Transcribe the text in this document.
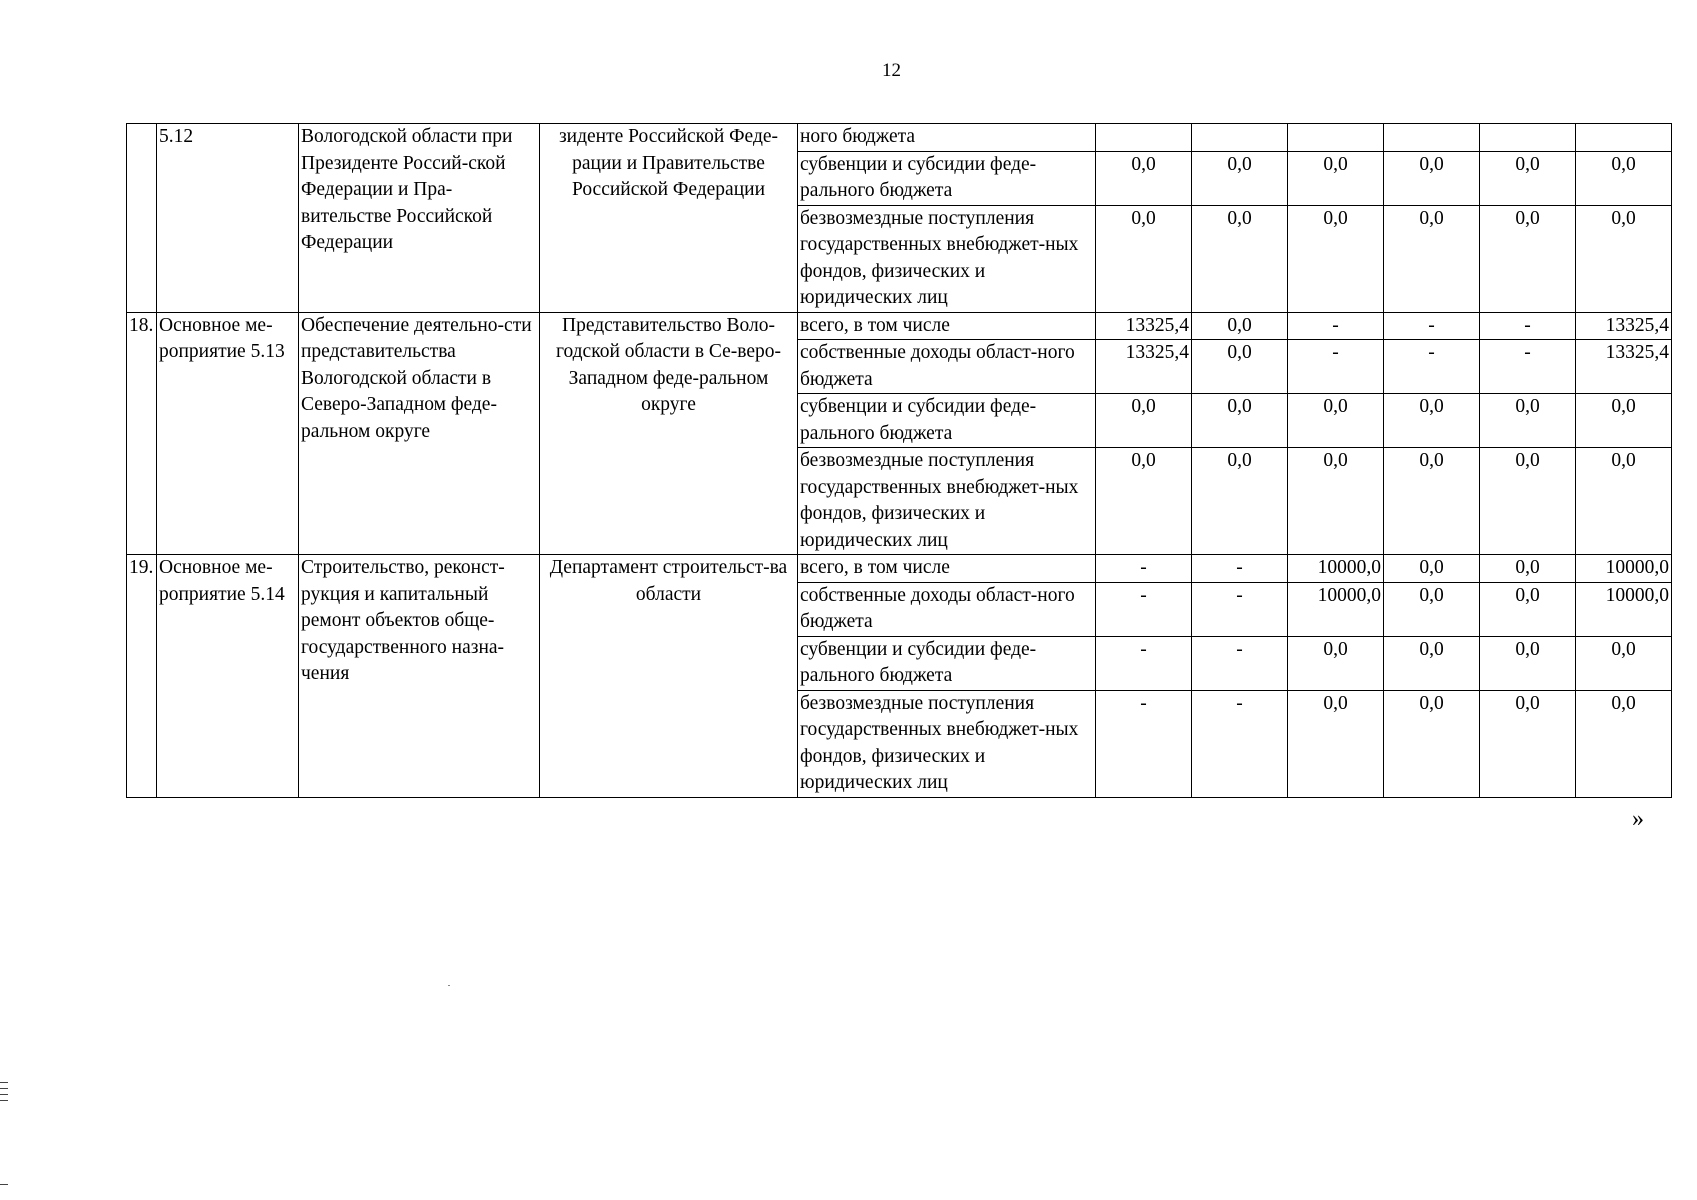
12
	5.12	Вологодской области при Президенте Россий-ской Федерации и Пра-вительстве Российской Федерации	зиденте Российской Феде-рации и Правительстве Российской Федерации	ного бюджета						
				субвенции и субсидии феде-рального бюджета	0,0	0,0	0,0	0,0	0,0	0,0
				безвозмездные поступления государственных внебюджет-ных фондов, физических и юридических лиц	0,0	0,0	0,0	0,0	0,0	0,0
18.	Основное ме-роприятие 5.13	Обеспечение деятельно-сти представительства Вологодской области в Северо-Западном феде-ральном округе	Представительство Воло-годской области в Се-веро-Западном феде-ральном округе	всего, в том числе	13325,4	0,0	-	-	-	13325,4
				собственные доходы област-ного бюджета	13325,4	0,0	-	-	-	13325,4
				субвенции и субсидии феде-рального бюджета	0,0	0,0	0,0	0,0	0,0	0,0
				безвозмездные поступления государственных внебюджет-ных фондов, физических и юридических лиц	0,0	0,0	0,0	0,0	0,0	0,0
19.	Основное ме-роприятие 5.14	Строительство, реконст-рукция и капитальный ремонт объектов обще-государственного назна-чения	Департамент строительст-ва области	всего, в том числе	-	-	10000,0	0,0	0,0	10000,0
				собственные доходы област-ного бюджета	-	-	10000,0	0,0	0,0	10000,0
				субвенции и субсидии феде-рального бюджета	-	-	0,0	0,0	0,0	0,0
				безвозмездные поступления государственных внебюджет-ных фондов, физических и юридических лиц	-	-	0,0	0,0	0,0	0,0
»
